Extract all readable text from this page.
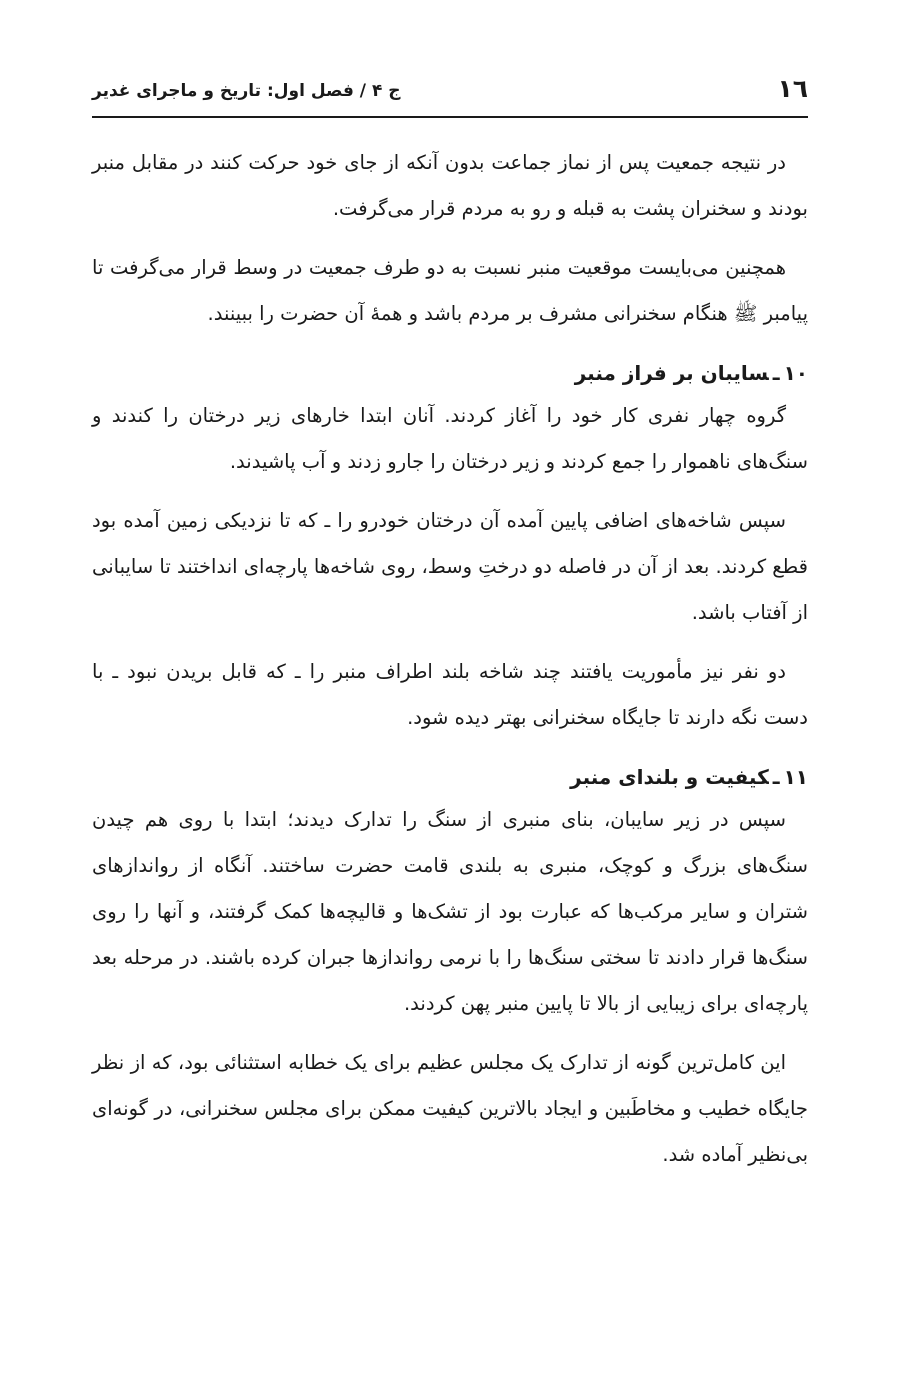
١٦
ج ۴ / فصل اول: تاریخ و ماجرای غدیر

در نتیجه جمعیت پس از نماز جماعت بدون آنکه از جای خود حرکت کنند در مقابل منبر بودند و سخنران پشت به قبله و رو به مردم قرار می‌گرفت.

همچنین می‌بایست موقعیت منبر نسبت به دو طرف جمعیت در وسط قرار می‌گرفت تا پیامبر ﷺ هنگام سخنرانی مشرف بر مردم باشد و همهٔ آن حضرت را ببینند.

۱۰ـسایبان بر فراز منبر

گروه چهار نفری کار خود را آغاز کردند. آنان ابتدا خارهای زیر درختان را کندند و سنگ‌های ناهموار را جمع کردند و زیر درختان را جارو زدند و آب پاشیدند.

سپس شاخه‌های اضافی پایین آمده آن درختان خودرو را ـ که تا نزدیکی زمین آمده بود قطع کردند. بعد از آن در فاصله دو درختِ وسط، روی شاخه‌ها پارچه‌ای انداختند تا سایبانی از آفتاب باشد.

دو نفر نیز مأموریت یافتند چند شاخه بلند اطراف منبر را ـ که قابل بریدن نبود ـ با دست نگه دارند تا جایگاه سخنرانی بهتر دیده شود.

۱۱ـکیفیت و بلندای منبر

سپس در زیر سایبان، بنای منبری از سنگ را تدارک دیدند؛ ابتدا با روی هم چیدن سنگ‌های بزرگ و کوچک، منبری به بلندی قامت حضرت ساختند. آنگاه از روانداز‌های شتران و سایر مرکب‌ها که عبارت بود از تشک‌ها و قالیچه‌ها کمک گرفتند، و آنها را روی سنگ‌ها قرار دادند تا سختی سنگ‌ها را با نرمی روانداز‌ها جبران کرده باشند. در مرحله بعد پارچه‌ای برای زیبایی از بالا تا پایین منبر پهن کردند.

این کامل‌ترین گونه از تدارک یک مجلس عظیم برای یک خطابه استثنائی بود، که از نظر جایگاه خطیب و مخاطَبین و ایجاد بالاترین کیفیت ممکن برای مجلس سخنرانی، در گونه‌ای بی‌نظیر آماده شد.
